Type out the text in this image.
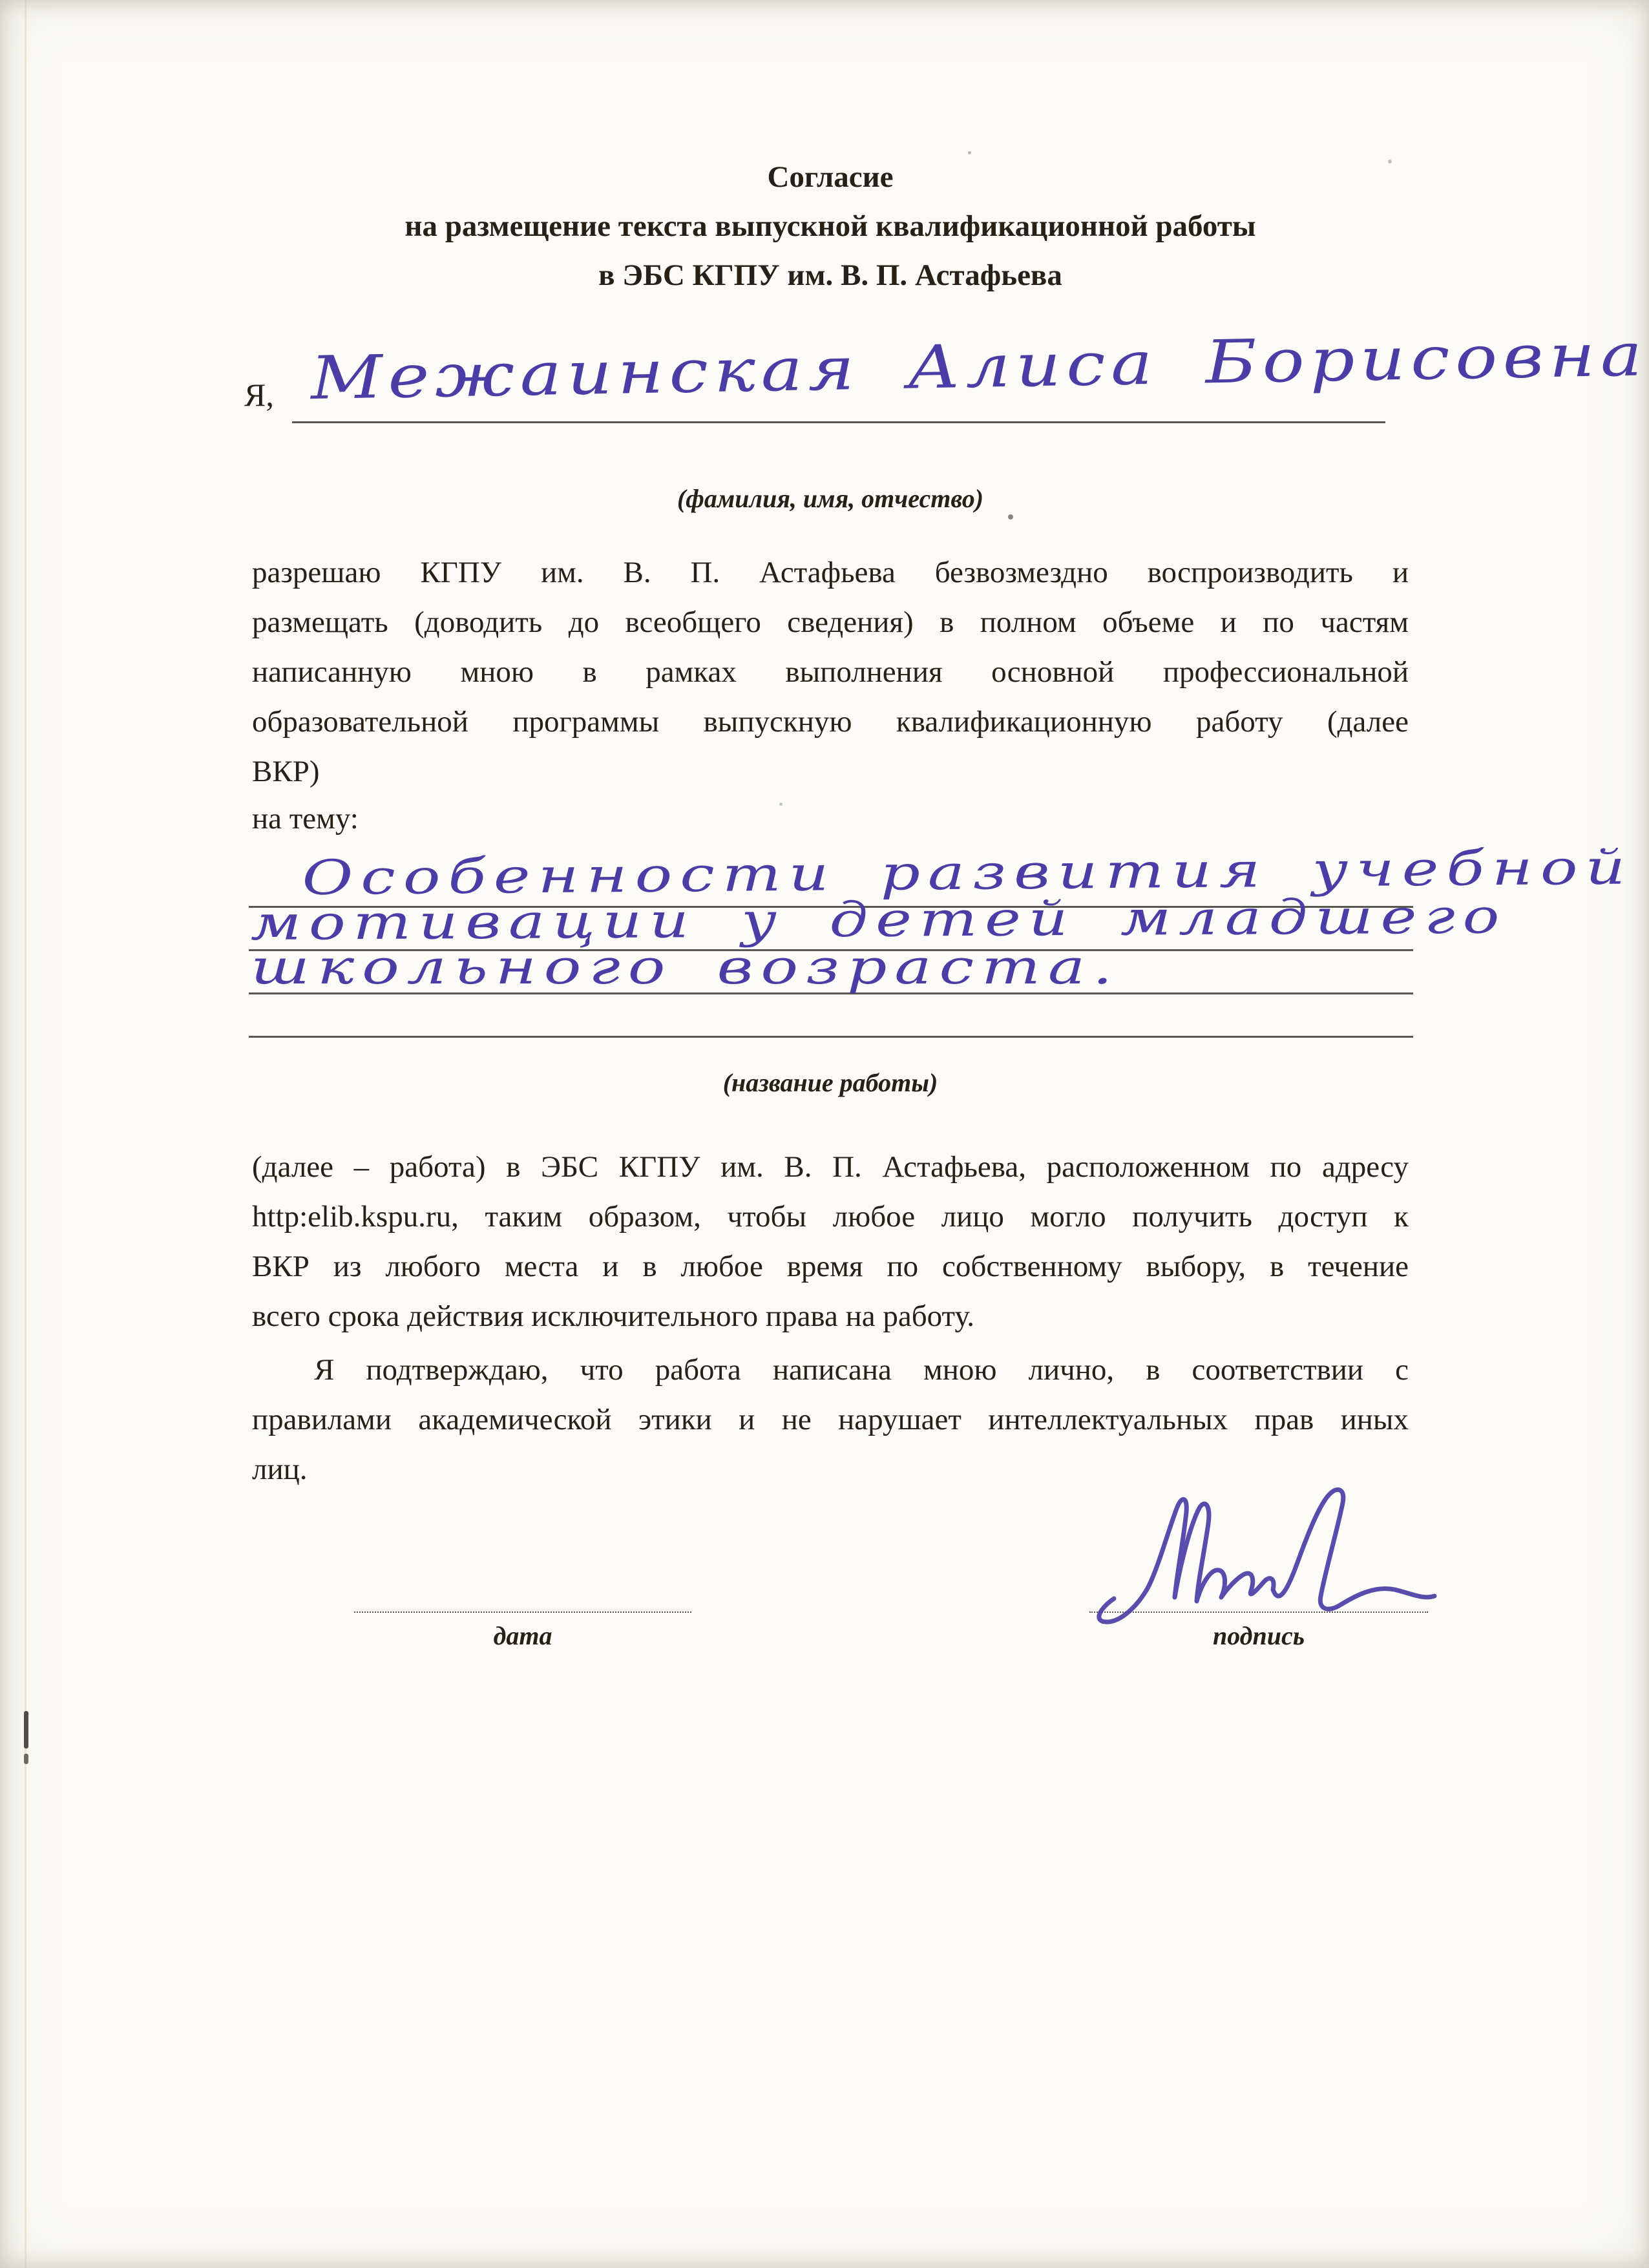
Согласие
на размещение текста выпускной квалификационной работы
в ЭБС КГПУ им. В. П. Астафьева
Я, Межаинская Алиса Борисовна
(фамилия, имя, отчество)
разрешаю КГПУ им. В. П. Астафьева безвозмездно воспроизводить и
размещать (доводить до всеобщего сведения) в полном объеме и по частям
написанную мною в рамках выполнения основной профессиональной
образовательной программы выпускную квалификационную работу (далее
ВКР)
на тему:
Особенности развития учебной
мотивации у детей младшего
школьного возраста.
(название работы)
(далее – работа) в ЭБС КГПУ им. В. П. Астафьева, расположенном по адресу
http:elib.kspu.ru, таким образом, чтобы любое лицо могло получить доступ к
ВКР из любого места и в любое время по собственному выбору, в течение
всего срока действия исключительного права на работу.
Я подтверждаю, что работа написана мною лично, в соответствии с
правилами академической этики и не нарушает интеллектуальных прав иных
лиц.
дата	подпись
